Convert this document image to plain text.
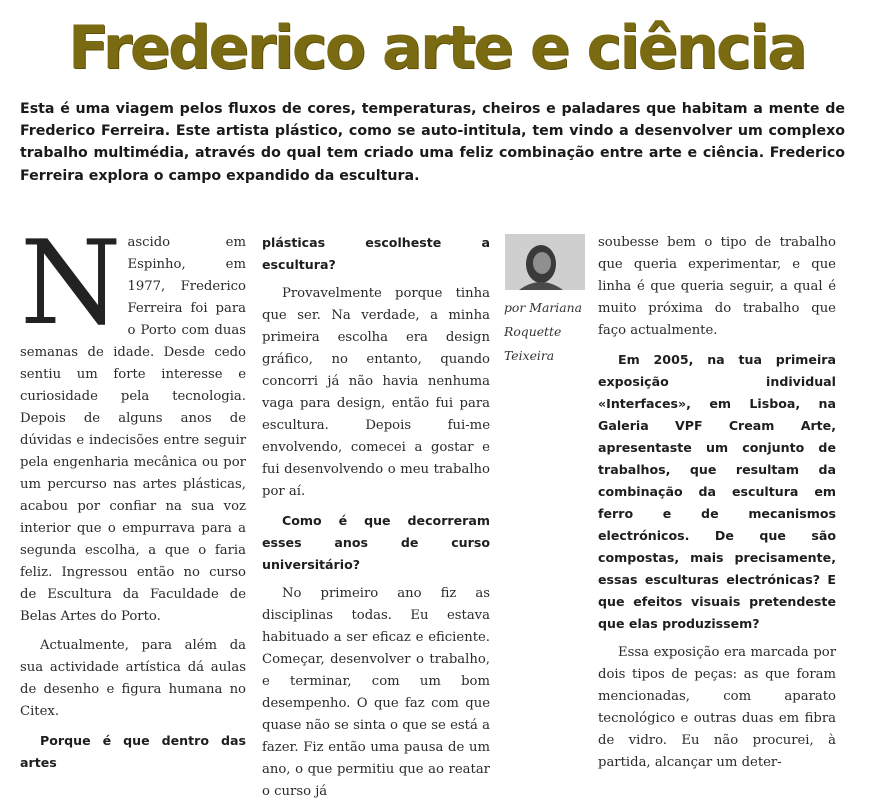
Frederico arte e ciência

Esta é uma viagem pelos fluxos de cores, temperaturas, cheiros e paladares que habitam a mente de Frederico Ferreira. Este artista plástico, como se auto-intitula, tem vindo a desenvolver um complexo trabalho multimédia, através do qual tem criado uma feliz combinação entre arte e ciência. Frederico Ferreira explora o campo expandido da escultura.

Nascido em Espinho, em 1977, Frederico Ferreira foi para o Porto com duas semanas de idade. Desde cedo sentiu um forte interesse e curiosidade pela tecnologia. Depois de alguns anos de dúvidas e indecisões entre seguir pela engenharia mecânica ou por um percurso nas artes plásticas, acabou por confiar na sua voz interior que o empurrava para a segunda escolha, a que o faria feliz. Ingressou então no curso de Escultura da Faculdade de Belas Artes do Porto.

Actualmente, para além da sua actividade artística dá aulas de desenho e figura humana no Citex.

Porque é que dentro das artes

plásticas escolheste a escultura?

Provavelmente porque tinha que ser. Na verdade, a minha primeira escolha era design gráfico, no entanto, quando concorri já não havia nenhuma vaga para design, então fui para escultura. Depois fui-me envolvendo, comecei a gostar e fui desenvolvendo o meu trabalho por aí.

Como é que decorreram esses anos de curso universitário?

No primeiro ano fiz as disciplinas todas. Eu estava habituado a ser eficaz e eficiente. Começar, desenvolver o trabalho, e terminar, com um bom desempenho. O que faz com que quase não se sinta o que se está a fazer. Fiz então uma pausa de um ano, o que permitiu que ao reatar o curso já

por Mariana Roquette Teixeira

soubesse bem o tipo de trabalho que queria experimentar, e que linha é que queria seguir, a qual é muito próxima do trabalho que faço actualmente.

Em 2005, na tua primeira exposição individual «Interfaces», em Lisboa, na Galeria VPF Cream Arte, apresentaste um conjunto de trabalhos, que resultam da combinação da escultura em ferro e de mecanismos electrónicos. De que são compostas, mais precisamente, essas esculturas electrónicas? E que efeitos visuais pretendeste que elas produzissem?

Essa exposição era marcada por dois tipos de peças: as que foram mencionadas, com aparato tecnológico e outras duas em fibra de vidro. Eu não procurei, à partida, alcançar um deter-
